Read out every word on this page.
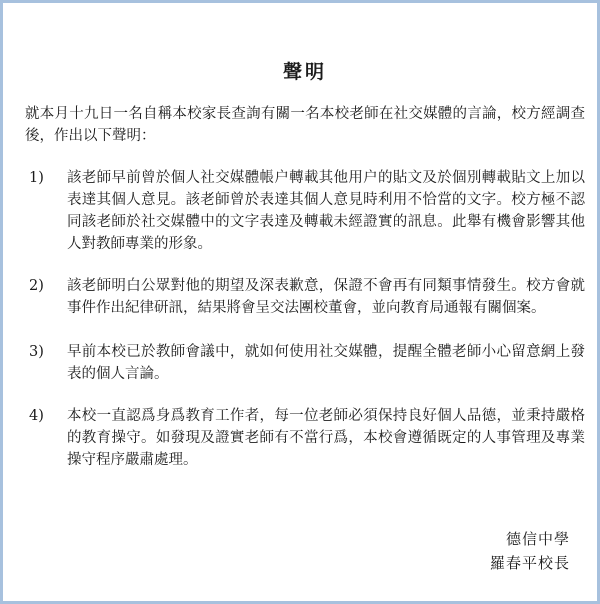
聲明
就本月十九日一名自稱本校家長查詢有關一名本校老師在社交媒體的言論，校方經調查後，作出以下聲明：
1)	該老師早前曾於個人社交媒體帳户轉載其他用户的貼文及於個別轉載貼文上加以表達其個人意見。該老師曾於表達其個人意見時利用不恰當的文字。校方極不認同該老師於社交媒體中的文字表達及轉載未經證實的訊息。此舉有機會影響其他人對教師專業的形象。
2)	該老師明白公眾對他的期望及深表歉意，保證不會再有同類事情發生。校方會就事件作出紀律研訊，結果將會呈交法團校董會，並向教育局通報有關個案。
3)	早前本校已於教師會議中，就如何使用社交媒體，提醒全體老師小心留意網上發表的個人言論。
4)	本校一直認爲身爲教育工作者，每一位老師必須保持良好個人品德，並秉持嚴格的教育操守。如發現及證實老師有不當行爲，本校會遵循既定的人事管理及專業操守程序嚴肅處理。
德信中學
羅春平校長
